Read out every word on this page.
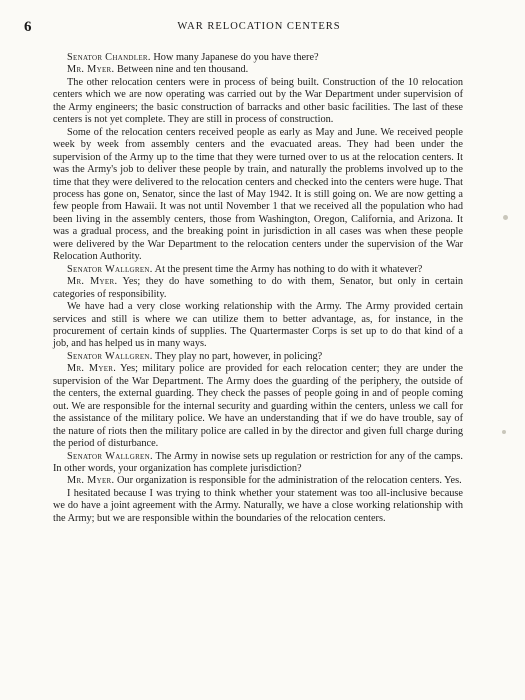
6	WAR RELOCATION CENTERS

Senator Chandler. How many Japanese do you have there?

Mr. Myer. Between nine and ten thousand.

The other relocation centers were in process of being built. Construction of the 10 relocation centers which we are now operating was carried out by the War Department under supervision of the Army engineers; the basic construction of barracks and other basic facilities. The last of these centers is not yet complete. They are still in process of construction.

Some of the relocation centers received people as early as May and June. We received people week by week from assembly centers and the evacuated areas. They had been under the supervision of the Army up to the time that they were turned over to us at the relocation centers. It was the Army's job to deliver these people by train, and naturally the problems involved up to the time that they were delivered to the relocation centers and checked into the centers were huge. That process has gone on, Senator, since the last of May 1942. It is still going on. We are now getting a few people from Hawaii. It was not until November 1 that we received all the population who had been living in the assembly centers, those from Washington, Oregon, California, and Arizona. It was a gradual process, and the breaking point in jurisdiction in all cases was when these people were delivered by the War Department to the relocation centers under the supervision of the War Relocation Authority.

Senator Wallgren. At the present time the Army has nothing to do with it whatever?

Mr. Myer. Yes; they do have something to do with them, Senator, but only in certain categories of responsibility.

We have had a very close working relationship with the Army. The Army provided certain services and still is where we can utilize them to better advantage, as, for instance, in the procurement of certain kinds of supplies. The Quartermaster Corps is set up to do that kind of a job, and has helped us in many ways.

Senator Wallgren. They play no part, however, in policing?

Mr. Myer. Yes; military police are provided for each relocation center; they are under the supervision of the War Department. The Army does the guarding of the periphery, the outside of the centers, the external guarding. They check the passes of people going in and of people coming out. We are responsible for the internal security and guarding within the centers, unless we call for the assistance of the military police. We have an understanding that if we do have trouble, say of the nature of riots then the military police are called in by the director and given full charge during the period of disturbance.

Senator Wallgren. The Army in nowise sets up regulation or restriction for any of the camps. In other words, your organization has complete jurisdiction?

Mr. Myer. Our organization is responsible for the administration of the relocation centers. Yes.

I hesitated because I was trying to think whether your statement was too all-inclusive because we do have a joint agreement with the Army. Naturally, we have a close working relationship with the Army; but we are responsible within the boundaries of the relocation centers.
